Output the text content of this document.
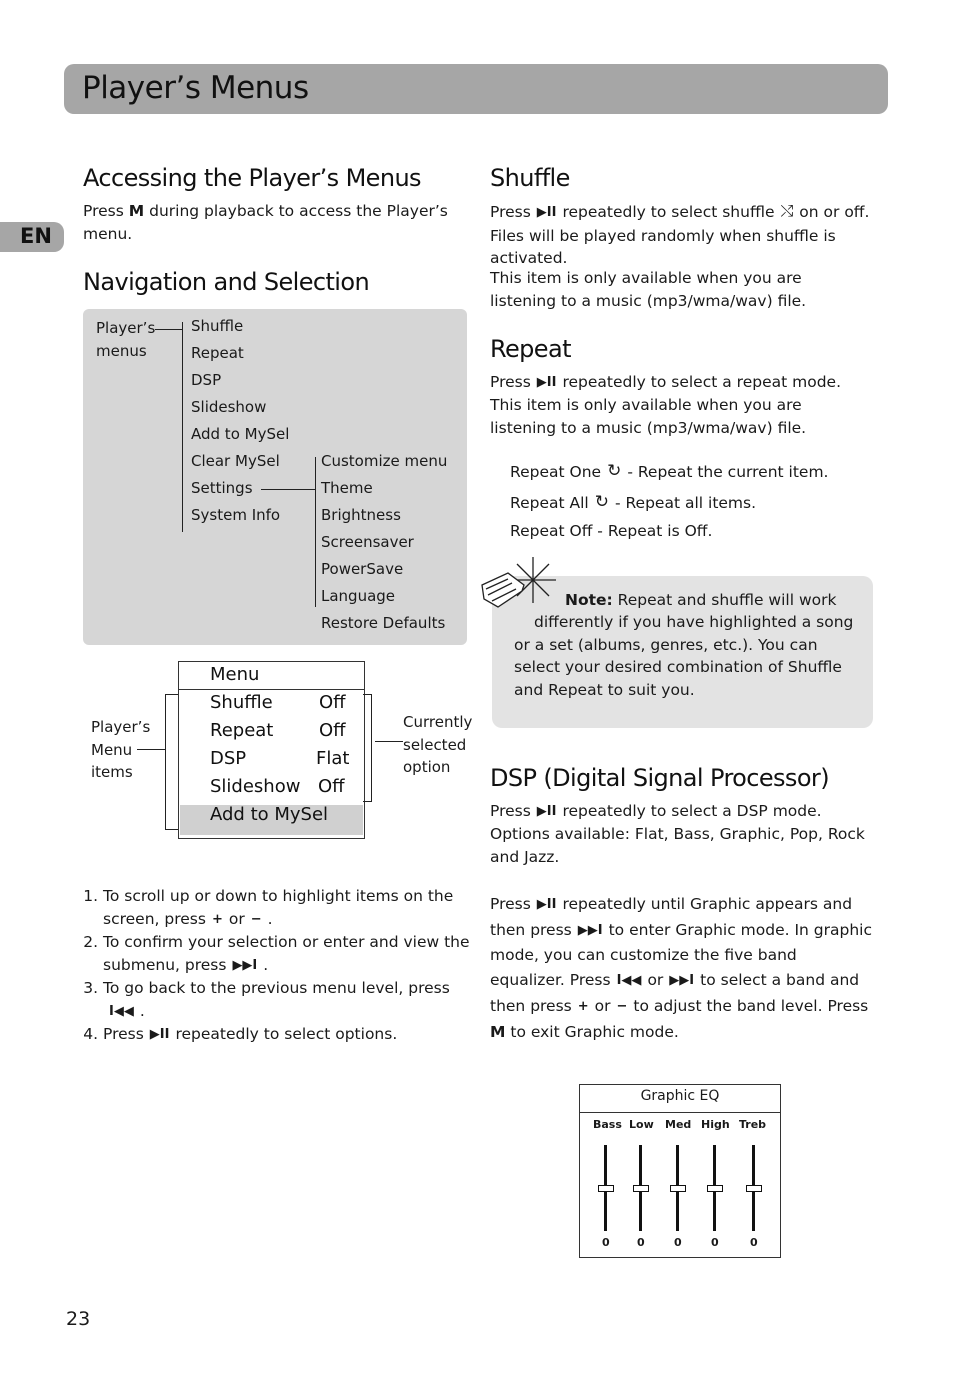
Player’s Menus
EN
Accessing the Player’s Menus

Press M during playback to access the Player’s menu.

Navigation and Selection
Player’s
menus
Shuffle
Repeat
DSP
Slideshow
Add to MySel
Clear MySel
Settings
System Info
Customize menu
Theme
Brightness
Screensaver
PowerSave
Language
Restore Defaults
Player’s
Menu
items
Menu
Shuffle	Off
Repeat	Off
DSP	Flat
Slideshow Off
Add to MySel
Currently
selected
option
1. To scroll up or down to highlight items on the screen, press + or − .
2. To confirm your selection or enter and view the submenu, press ▶▶I .
3. To go back to the previous menu level, pressI◀◀ .
4. Press ▶II repeatedly to select options.
Shuffle

Press ▶II repeatedly to select shuffle ⤭ on or off. Files will be played randomly when shuffle is activated.

This item is only available when you are listening to a music (mp3/wma/wav) file.

Repeat

Press ▶II repeatedly to select a repeat mode.

This item is only available when you are listening to a music (mp3/wma/wav) file.

Repeat One ↻ - Repeat the current item.
Repeat All ↻ - Repeat all items.
Repeat Off - Repeat is Off.
Note: Repeat and shuffle will work

differently if you have highlighted a song or a set (albums, genres, etc.). You can select your desired combination of Shuffle and Repeat to suit you.

DSP (Digital Signal Processor)

Press ▶II repeatedly to select a DSP mode.

Options available: Flat, Bass, Graphic, Pop, Rock and Jazz.

Press ▶II repeatedly until Graphic appears and then press ▶▶I to enter Graphic mode. In graphic mode, you can customize the five band equalizer. Press I◀◀ or ▶▶I to select a band and then press + or − to adjust the band level. Press M to exit Graphic mode.

Graphic EQ
Bass Low Med High Treb
0 0	0	0	0
23
